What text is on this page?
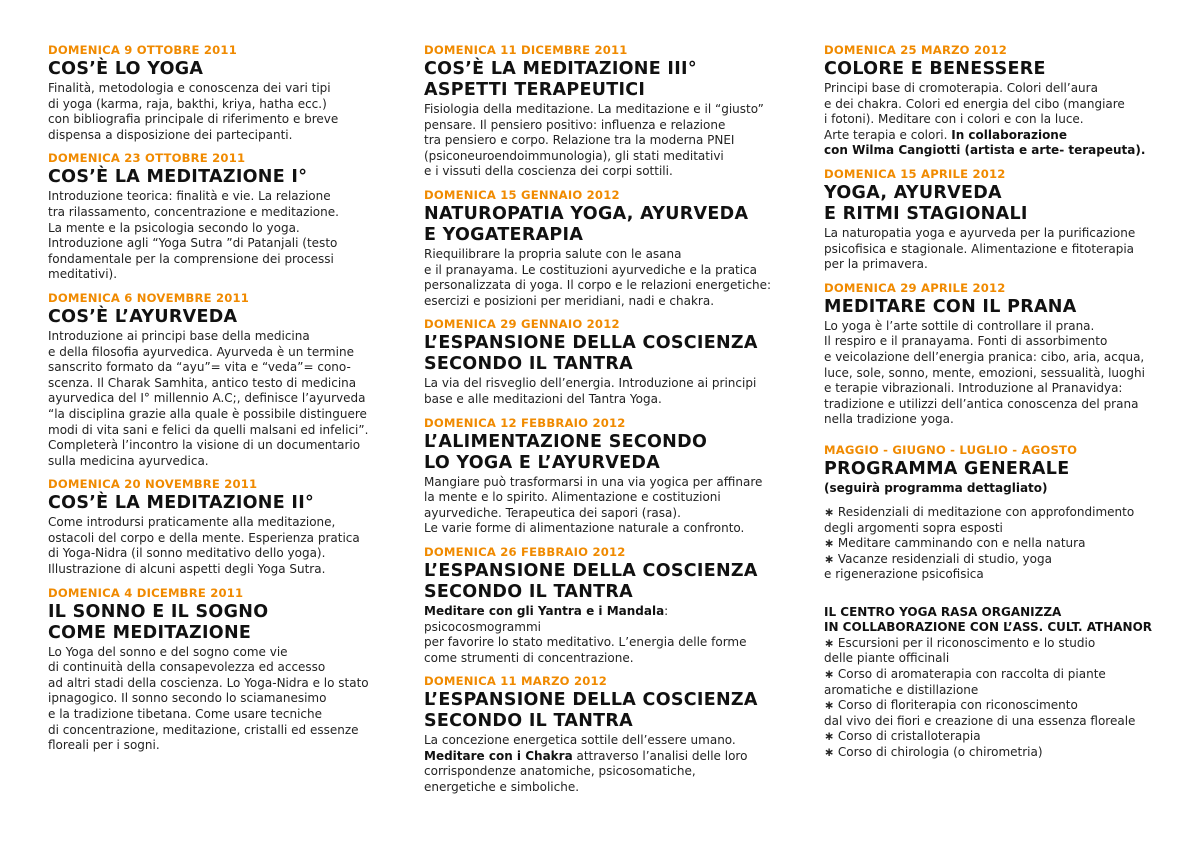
DOMENICA 9 OTTOBRE 2011
COS’È LO YOGA
Finalità, metodologia e conoscenza dei vari tipi
di yoga (karma, raja, bakthi, kriya, hatha ecc.)
con bibliografia principale di riferimento e breve
dispensa a disposizione dei partecipanti.
DOMENICA 23 OTTOBRE 2011
COS’È LA MEDITAZIONE I°
Introduzione teorica: finalità e vie. La relazione
tra rilassamento, concentrazione e meditazione.
La mente e la psicologia secondo lo yoga.
Introduzione agli “Yoga Sutra ”di Patanjali (testo
fondamentale per la comprensione dei processi
meditativi).
DOMENICA 6 NOVEMBRE 2011
COS’È L’AYURVEDA
Introduzione ai principi base della medicina
e della filosofia ayurvedica. Ayurveda è un termine
sanscrito formato da “ayu”= vita e “veda”= cono-
scenza. Il Charak Samhita, antico testo di medicina
ayurvedica del I° millennio A.C;, definisce l’ayurveda
“la disciplina grazie alla quale è possibile distinguere
modi di vita sani e felici da quelli malsani ed infelici”.
Completerà l’incontro la visione di un documentario
sulla medicina ayurvedica.
DOMENICA 20 NOVEMBRE 2011
COS’È LA MEDITAZIONE II°
Come introdursi praticamente alla meditazione,
ostacoli del corpo e della mente. Esperienza pratica
di Yoga-Nidra (il sonno meditativo dello yoga).
Illustrazione di alcuni aspetti degli Yoga Sutra.
DOMENICA 4 DICEMBRE 2011
IL SONNO E IL SOGNO
COME MEDITAZIONE
Lo Yoga del sonno e del sogno come vie
di continuità della consapevolezza ed accesso
ad altri stadi della coscienza. Lo Yoga-Nidra e lo stato
ipnagogico. Il sonno secondo lo sciamanesimo
e la tradizione tibetana. Come usare tecniche
di concentrazione, meditazione, cristalli ed essenze
floreali per i sogni.
DOMENICA 11 DICEMBRE 2011
COS’È LA MEDITAZIONE III°
ASPETTI TERAPEUTICI
Fisiologia della meditazione. La meditazione e il “giusto”
pensare. Il pensiero positivo: influenza e relazione
tra pensiero e corpo. Relazione tra la moderna PNEI
(psiconeuroendoimmunologia), gli stati meditativi
e i vissuti della coscienza dei corpi sottili.
DOMENICA 15 GENNAIO 2012
NATUROPATIA YOGA, AYURVEDA
E YOGATERAPIA
Riequilibrare la propria salute con le asana
e il pranayama. Le costituzioni ayurvediche e la pratica
personalizzata di yoga. Il corpo e le relazioni energetiche:
esercizi e posizioni per meridiani, nadi e chakra.
DOMENICA 29 GENNAIO 2012
L’ESPANSIONE DELLA COSCIENZA
SECONDO IL TANTRA
La via del risveglio dell’energia. Introduzione ai principi
base e alle meditazioni del Tantra Yoga.
DOMENICA 12 FEBBRAIO 2012
L’ALIMENTAZIONE SECONDO
LO YOGA E L’AYURVEDA
Mangiare può trasformarsi in una via yogica per affinare
la mente e lo spirito. Alimentazione e costituzioni
ayurvediche. Terapeutica dei sapori (rasa).
Le varie forme di alimentazione naturale a confronto.
DOMENICA 26 FEBBRAIO 2012
L’ESPANSIONE DELLA COSCIENZA
SECONDO IL TANTRA
Meditare con gli Yantra e i Mandala: psicocosmogrammi
per favorire lo stato meditativo. L’energia delle forme
come strumenti di concentrazione.
DOMENICA 11 MARZO 2012
L’ESPANSIONE DELLA COSCIENZA
SECONDO IL TANTRA
La concezione energetica sottile dell’essere umano.
Meditare con i Chakra attraverso l’analisi delle loro
corrispondenze anatomiche, psicosomatiche,
energetiche e simboliche.
DOMENICA 25 MARZO 2012
COLORE E BENESSERE
Principi base di cromoterapia. Colori dell’aura
e dei chakra. Colori ed energia del cibo (mangiare
i fotoni). Meditare con i colori e con la luce.
Arte terapia e colori. In collaborazione
con Wilma Cangiotti (artista e arte- terapeuta).
DOMENICA 15 APRILE 2012
YOGA, AYURVEDA
E RITMI STAGIONALI
La naturopatia yoga e ayurveda per la purificazione
psicofisica e stagionale. Alimentazione e fitoterapia
per la primavera.
DOMENICA 29 APRILE 2012
MEDITARE CON IL PRANA
Lo yoga è l’arte sottile di controllare il prana.
Il respiro e il pranayama. Fonti di assorbimento
e veicolazione dell’energia pranica: cibo, aria, acqua,
luce, sole, sonno, mente, emozioni, sessualità, luoghi
e terapie vibrazionali. Introduzione al Pranavidya:
tradizione e utilizzi dell’antica conoscenza del prana
nella tradizione yoga.
MAGGIO - GIUGNO - LUGLIO - AGOSTO
PROGRAMMA GENERALE
(seguirà programma dettagliato)
∗ Residenziali di meditazione con approfondimento
degli argomenti sopra esposti
∗ Meditare camminando con e nella natura
∗ Vacanze residenziali di studio, yoga
e rigenerazione psicofisica
IL CENTRO YOGA RASA ORGANIZZA
IN COLLABORAZIONE CON L’ASS. CULT. ATHANOR
∗ Escursioni per il riconoscimento e lo studio
delle piante officinali
∗ Corso di aromaterapia con raccolta di piante
aromatiche e distillazione
∗ Corso di floriterapia con riconoscimento
dal vivo dei fiori e creazione di una essenza floreale
∗ Corso di cristalloterapia
∗ Corso di chirologia (o chirometria)
